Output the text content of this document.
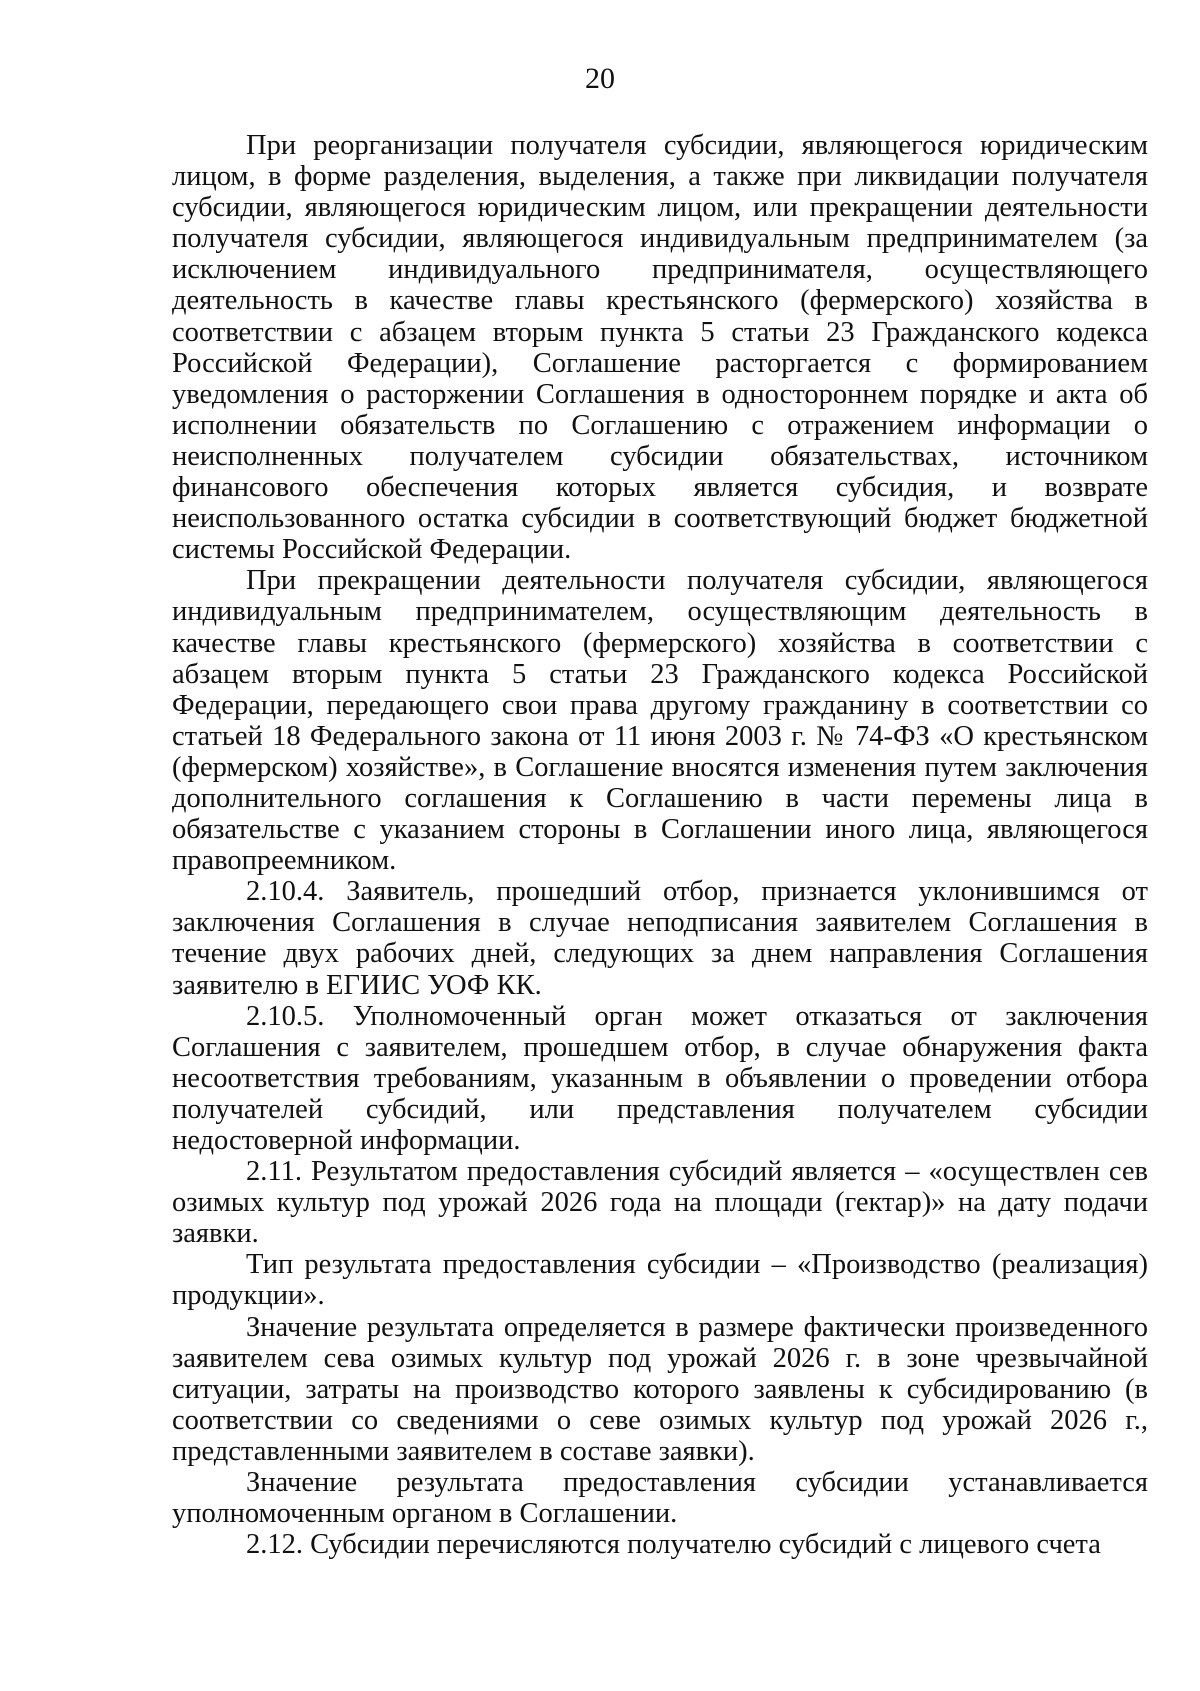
20

При реорганизации получателя субсидии, являющегося юридическим лицом, в форме разделения, выделения, а также при ликвидации получателя субсидии, являющегося юридическим лицом, или прекращении деятельности получателя субсидии, являющегося индивидуальным предпринимателем (за исключением индивидуального предпринимателя, осуществляющего деятельность в качестве главы крестьянского (фермерского) хозяйства в соответствии с абзацем вторым пункта 5 статьи 23 Гражданского кодекса Российской Федерации), Соглашение расторгается с формированием уведомления о расторжении Соглашения в одностороннем порядке и акта об исполнении обязательств по Соглашению с отражением информации о неисполненных получателем субсидии обязательствах, источником финансового обеспечения которых является субсидия, и возврате неиспользованного остатка субсидии в соответствующий бюджет бюджетной системы Российской Федерации.

При прекращении деятельности получателя субсидии, являющегося индивидуальным предпринимателем, осуществляющим деятельность в качестве главы крестьянского (фермерского) хозяйства в соответствии с абзацем вторым пункта 5 статьи 23 Гражданского кодекса Российской Федерации, передающего свои права другому гражданину в соответствии со статьей 18 Федерального закона от 11 июня 2003 г. № 74-ФЗ «О крестьянском (фермерском) хозяйстве», в Соглашение вносятся изменения путем заключения дополнительного соглашения к Соглашению в части перемены лица в обязательстве с указанием стороны в Соглашении иного лица, являющегося правопреемником.

2.10.4. Заявитель, прошедший отбор, признается уклонившимся от заключения Соглашения в случае неподписания заявителем Соглашения в течение двух рабочих дней, следующих за днем направления Соглашения заявителю в ЕГИИС УОФ КК.

2.10.5. Уполномоченный орган может отказаться от заключения Соглашения с заявителем, прошедшем отбор, в случае обнаружения факта несоответствия требованиям, указанным в объявлении о проведении отбора получателей субсидий, или представления получателем субсидии недостоверной информации.

2.11. Результатом предоставления субсидий является – «осуществлен сев озимых культур под урожай 2026 года на площади (гектар)» на дату подачи заявки.

Тип результата предоставления субсидии – «Производство (реализация) продукции».

Значение результата определяется в размере фактически произведенного заявителем сева озимых культур под урожай 2026 г. в зоне чрезвычайной ситуации, затраты на производство которого заявлены к субсидированию (в соответствии со сведениями о севе озимых культур под урожай 2026 г., представленными заявителем в составе заявки).

Значение результата предоставления субсидии устанавливается уполномоченным органом в Соглашении.

2.12. Субсидии перечисляются получателю субсидий с лицевого счета
